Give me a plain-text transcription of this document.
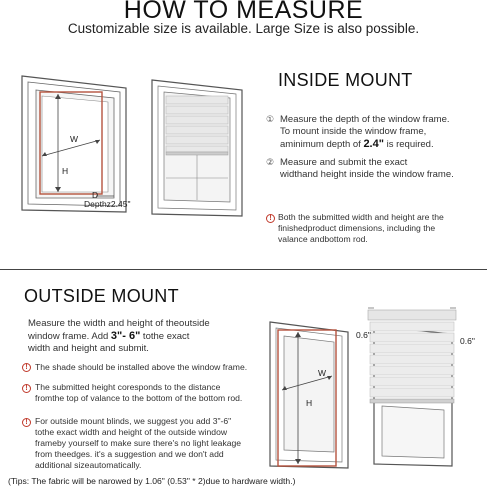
HOW TO MEASURE
Customizable size is available. Large Size is also possible.
W
H
D
Depthz2.45"
INSIDE MOUNT
① Measure the depth of the window frame.
To mount inside the window frame,
aminimum depth of 2.4" is required.
② Measure and submit the exact
widthand height inside the window frame.
! Both the submitted width and height are the
finishedproduct dimensions, including the
valance andbottom rod.
OUTSIDE MOUNT
Measure the width and height of theoutside
window frame. Add 3"- 6" tothe exact
width and height and submit.
! The shade should be installed above the window frame.
! The submitted height coresponds to the distance
fromthe top of valance to the bottom of the bottom rod.
! For outside mount blinds, we suggest you add 3"-6"
tothe exact width and height of the outside window
frameby yourself to make sure there's no light leakage
from theedges. it's a suggestion and we don't add
additional sizeautomatically.
W
H
0.6"
0.6"
(Tips: The fabric will be narowed by 1.06" (0.53" * 2)due to hardware width.)
